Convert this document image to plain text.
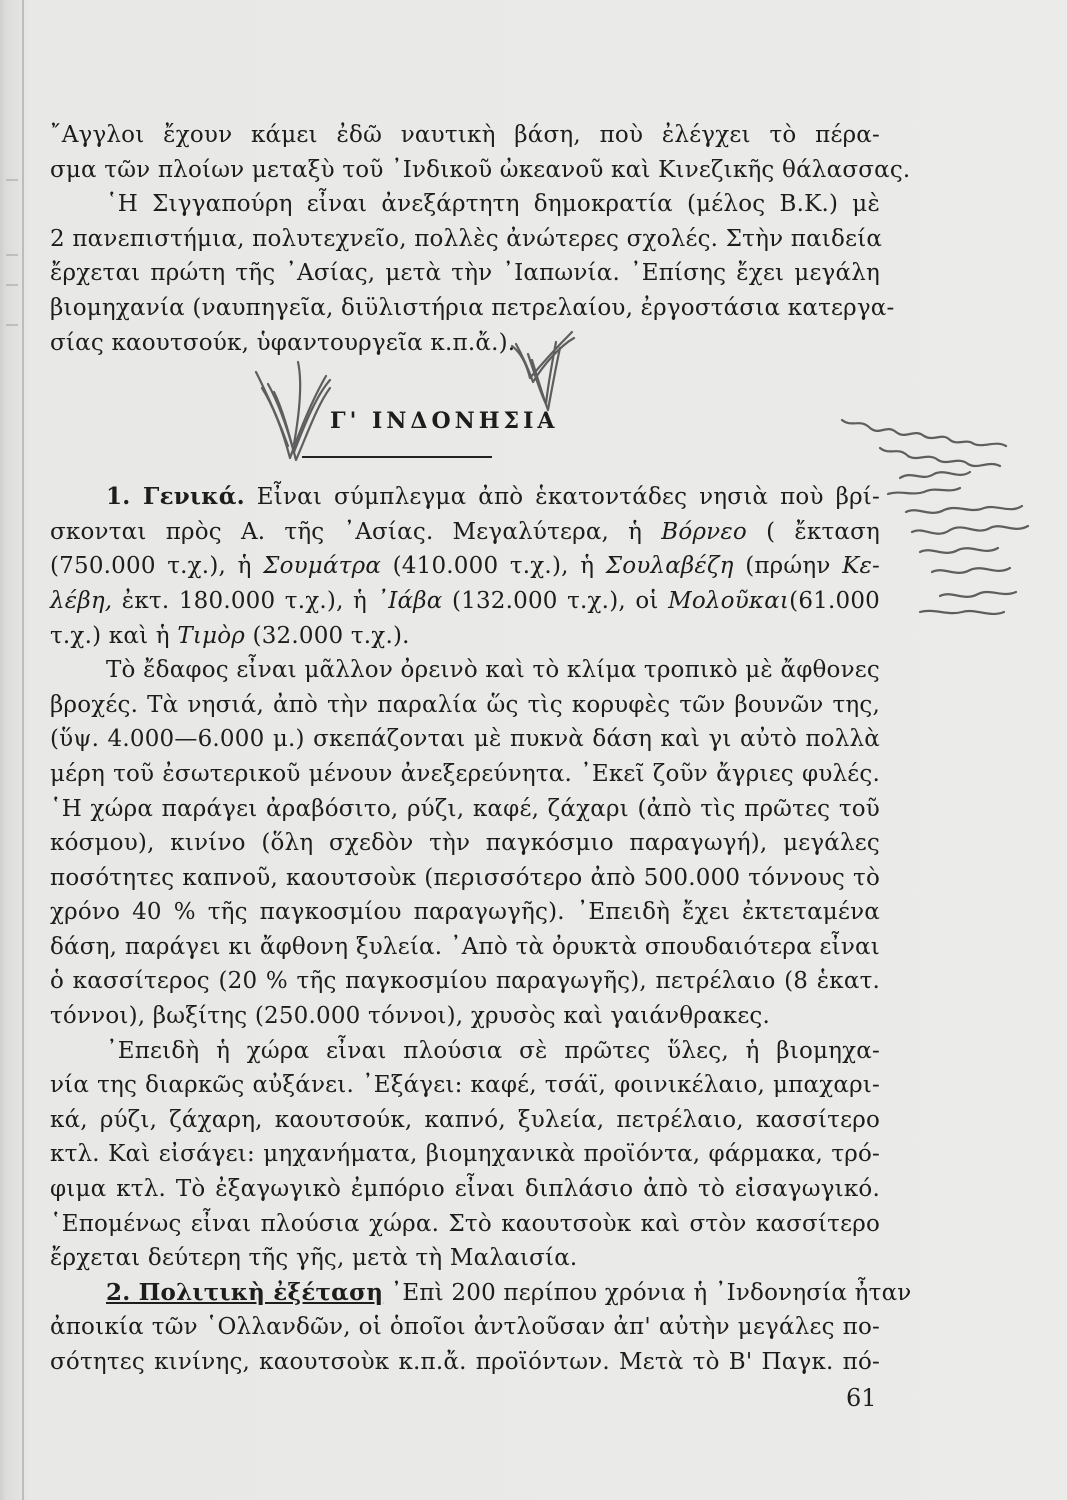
῎Αγγλοι ἔχουν κάμει ἐδῶ ναυτικὴ βάση, ποὺ ἐλέγχει τὸ πέρα-
σμα τῶν πλοίων μεταξὺ τοῦ ᾿Ινδικοῦ ὠκεανοῦ καὶ Κινεζικῆς θάλασσας.
῾Η Σιγγαπούρη εἶναι ἀνεξάρτητη δημοκρατία (μέλος Β.Κ.) μὲ
2 πανεπιστήμια, πολυτεχνεῖο, πολλὲς ἀνώτερες σχολές. Στὴν παιδεία
ἔρχεται πρώτη τῆς ᾿Ασίας, μετὰ τὴν ᾿Ιαπωνία. ᾿Επίσης ἔχει μεγάλη
βιομηχανία (ναυπηγεῖα, διϋλιστήρια πετρελαίου, ἐργοστάσια κατεργα-
σίας καουτσούκ, ὑφαντουργεῖα κ.π.ἄ.).
1. Γενικά. Εἶναι σύμπλεγμα ἀπὸ ἑκατοντάδες νησιὰ ποὺ βρί-
σκονται πρὸς Α. τῆς ᾿Ασίας. Μεγαλύτερα, ἡ Βόρνεο ( ἔκταση
(750.000 τ.χ.), ἡ Σουμάτρα (410.000 τ.χ.), ἡ Σουλαβέζη (πρώην Κε-
λέβη, ἐκτ. 180.000 τ.χ.), ἡ ᾿Ιάβα (132.000 τ.χ.), οἱ Μολοῦκαι(61.000
τ.χ.) καὶ ἡ Τιμὸρ (32.000 τ.χ.).
Τὸ ἔδαφος εἶναι μᾶλλον ὀρεινὸ καὶ τὸ κλίμα τροπικὸ μὲ ἄφθονες
βροχές. Τὰ νησιά, ἀπὸ τὴν παραλία ὥς τὶς κορυφὲς τῶν βουνῶν της,
(ὕψ. 4.000—6.000 μ.) σκεπάζονται μὲ πυκνὰ δάση καὶ γι αὐτὸ πολλὰ
μέρη τοῦ ἐσωτερικοῦ μένουν ἀνεξερεύνητα. ᾿Εκεῖ ζοῦν ἄγριες φυλές.
῾Η χώρα παράγει ἀραβόσιτο, ρύζι, καφέ, ζάχαρι (ἀπὸ τὶς πρῶτες τοῦ
κόσμου), κινίνο (ὅλη σχεδὸν τὴν παγκόσμιο παραγωγή), μεγάλες
ποσότητες καπνοῦ, καουτσοὺκ (περισσότερο ἀπὸ 500.000 τόννους τὸ
χρόνο 40 % τῆς παγκοσμίου παραγωγῆς). ᾿Επειδὴ ἔχει ἐκτεταμένα
δάση, παράγει κι ἄφθονη ξυλεία. ᾿Απὸ τὰ ὀρυκτὰ σπουδαιότερα εἶναι
ὁ κασσίτερος (20 % τῆς παγκοσμίου παραγωγῆς), πετρέλαιο (8 ἑκατ.
τόννοι), βωξίτης (250.000 τόννοι), χρυσὸς καὶ γαιάνθρακες.
᾿Επειδὴ ἡ χώρα εἶναι πλούσια σὲ πρῶτες ὕλες, ἡ βιομηχα-
νία της διαρκῶς αὐξάνει. ᾿Εξάγει: καφέ, τσάϊ, φοινικέλαιο, μπαχαρι-
κά, ρύζι, ζάχαρη, καουτσούκ, καπνό, ξυλεία, πετρέλαιο, κασσίτερο
κτλ. Καὶ εἰσάγει: μηχανήματα, βιομηχανικὰ προϊόντα, φάρμακα, τρό-
φιμα κτλ. Τὸ ἐξαγωγικὸ ἐμπόριο εἶναι διπλάσιο ἀπὸ τὸ εἰσαγωγικό.
῾Επομένως εἶναι πλούσια χώρα. Στὸ καουτσοὺκ καὶ στὸν κασσίτερο
ἔρχεται δεύτερη τῆς γῆς, μετὰ τὴ Μαλαισία.
2. Πολιτικὴ ἐξέταση ᾿Επὶ 200 περίπου χρόνια ἡ ᾿Ινδονησία ἦταν
ἀποικία τῶν ῾Ολλανδῶν, οἱ ὁποῖοι ἀντλοῦσαν ἀπ' αὐτὴν μεγάλες πο-
σότητες κινίνης, καουτσοὺκ κ.π.ἄ. προϊόντων. Μετὰ τὸ Β' Παγκ. πό-
Γ' ΙΝΔΟΝΗΣΙΑ
61
